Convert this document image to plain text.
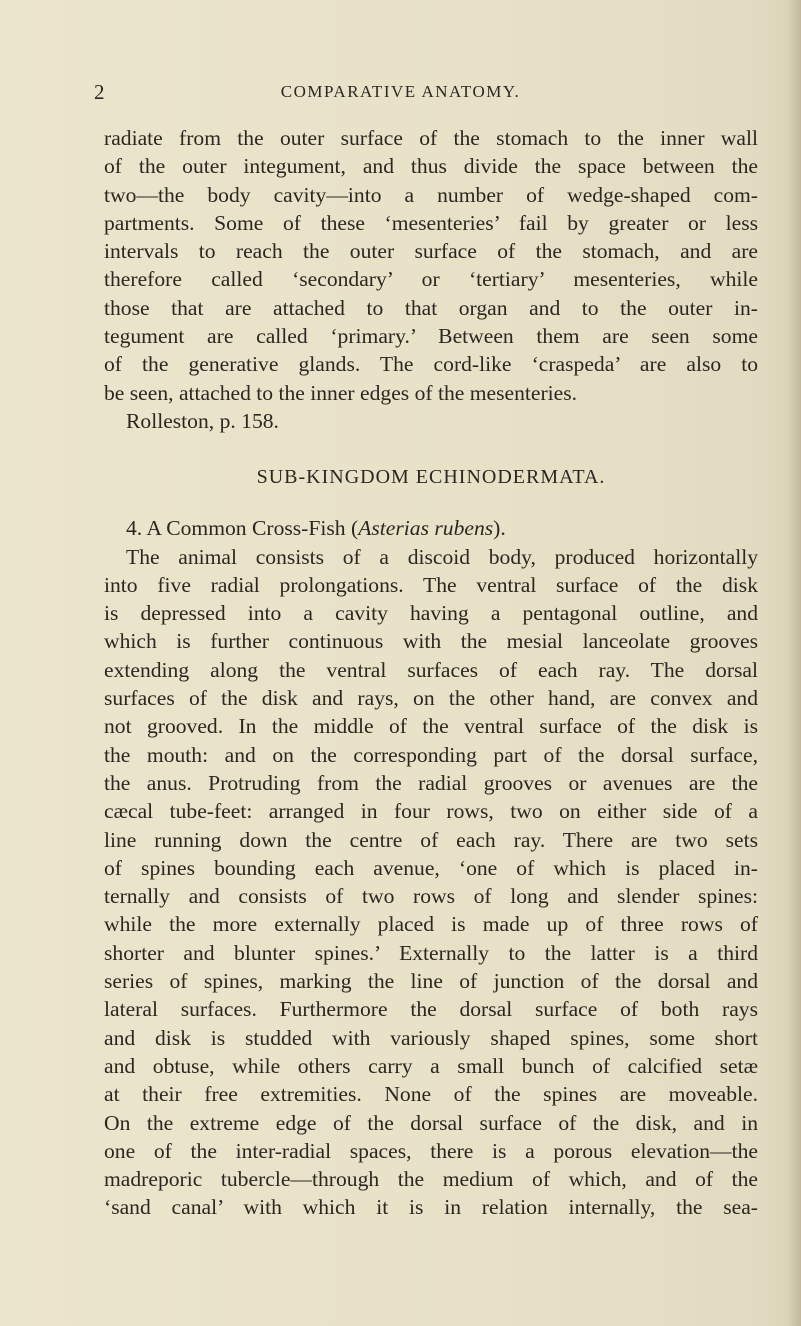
2	COMPARATIVE ANATOMY.
radiate from the outer surface of the stomach to the inner wall
of the outer integument, and thus divide the space between the
two—the body cavity—into a number of wedge-shaped com-
partments. Some of these ‘mesenteries’ fail by greater or less
intervals to reach the outer surface of the stomach, and are
therefore called ‘secondary’ or ‘tertiary’ mesenteries, while
those that are attached to that organ and to the outer in-
tegument are called ‘primary.’ Between them are seen some
of the generative glands. The cord-like ‘craspeda’ are also to
be seen, attached to the inner edges of the mesenteries.
Rolleston, p. 158.
SUB-KINGDOM ECHINODERMATA.
4. A Common Cross-Fish (Asterias rubens).
The animal consists of a discoid body, produced horizontally
into five radial prolongations. The ventral surface of the disk
is depressed into a cavity having a pentagonal outline, and
which is further continuous with the mesial lanceolate grooves
extending along the ventral surfaces of each ray. The dorsal
surfaces of the disk and rays, on the other hand, are convex and
not grooved. In the middle of the ventral surface of the disk is
the mouth: and on the corresponding part of the dorsal surface,
the anus. Protruding from the radial grooves or avenues are the
cæcal tube-feet: arranged in four rows, two on either side of a
line running down the centre of each ray. There are two sets
of spines bounding each avenue, ‘one of which is placed in-
ternally and consists of two rows of long and slender spines:
while the more externally placed is made up of three rows of
shorter and blunter spines.’ Externally to the latter is a third
series of spines, marking the line of junction of the dorsal and
lateral surfaces. Furthermore the dorsal surface of both rays
and disk is studded with variously shaped spines, some short
and obtuse, while others carry a small bunch of calcified setæ
at their free extremities. None of the spines are moveable.
On the extreme edge of the dorsal surface of the disk, and in
one of the inter-radial spaces, there is a porous elevation—the
madreporic tubercle—through the medium of which, and of the
‘sand canal’ with which it is in relation internally, the sea-
